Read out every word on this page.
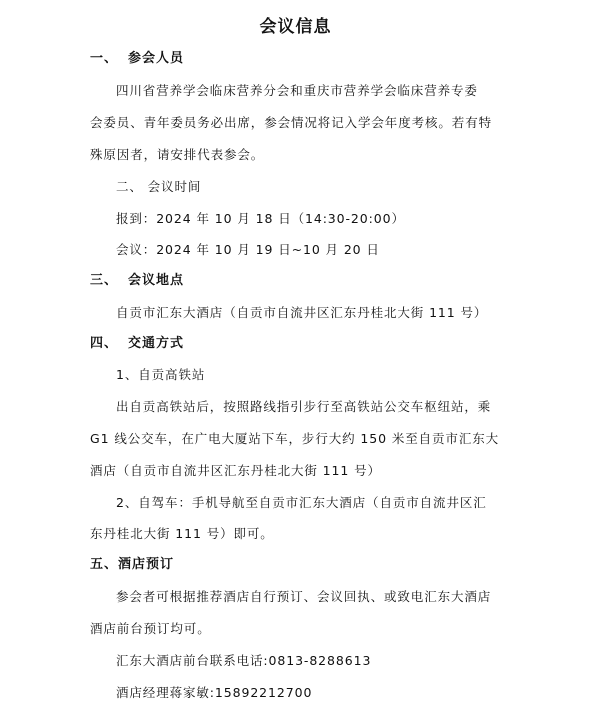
会议信息
一、 参会人员
四川省营养学会临床营养分会和重庆市营养学会临床营养专委
会委员、青年委员务必出席，参会情况将记入学会年度考核。若有特
殊原因者，请安排代表参会。
二、 会议时间
报到：2024 年 10 月 18 日（14:30-20:00）
会议：2024 年 10 月 19 日~10 月 20 日
三、 会议地点
自贡市汇东大酒店（自贡市自流井区汇东丹桂北大街 111 号）
四、 交通方式
1、自贡高铁站
出自贡高铁站后，按照路线指引步行至高铁站公交车枢纽站，乘
G1 线公交车，在广电大厦站下车，步行大约 150 米至自贡市汇东大
酒店（自贡市自流井区汇东丹桂北大街 111 号）
2、自驾车：手机导航至自贡市汇东大酒店（自贡市自流井区汇
东丹桂北大街 111 号）即可。
五、酒店预订
参会者可根据推荐酒店自行预订、会议回执、或致电汇东大酒店
酒店前台预订均可。
汇东大酒店前台联系电话:0813-8288613
酒店经理蒋家敏:15892212700
